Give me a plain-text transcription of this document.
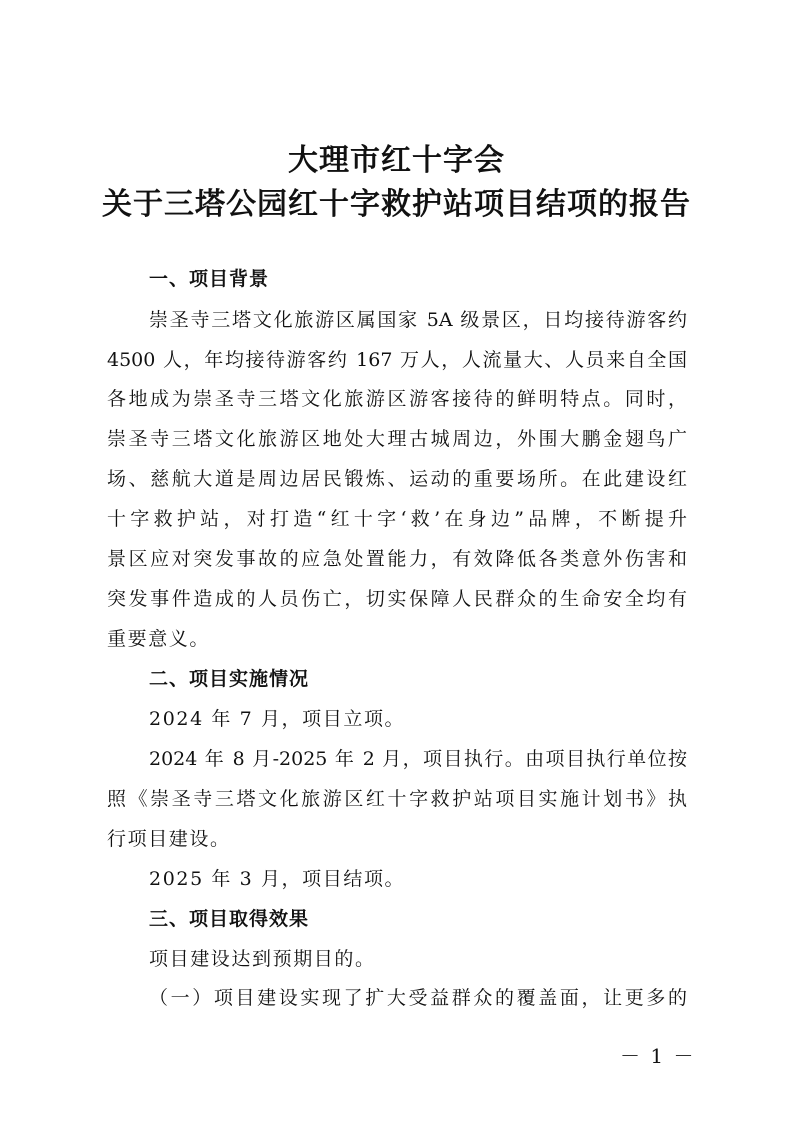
大理市红十字会
关于三塔公园红十字救护站项目结项的报告
一、项目背景
崇圣寺三塔文化旅游区属国家 5A 级景区，日均接待游客约
4500 人，年均接待游客约 167 万人，人流量大、人员来自全国
各地成为崇圣寺三塔文化旅游区游客接待的鲜明特点。同时，
崇圣寺三塔文化旅游区地处大理古城周边，外围大鹏金翅鸟广
场、慈航大道是周边居民锻炼、运动的重要场所。在此建设红
十字救护站，对打造“红十字‘救’在身边”品牌，不断提升
景区应对突发事故的应急处置能力，有效降低各类意外伤害和
突发事件造成的人员伤亡，切实保障人民群众的生命安全均有
重要意义。
二、项目实施情况
2024 年 7 月，项目立项。
2024 年 8 月-2025 年 2 月，项目执行。由项目执行单位按
照《崇圣寺三塔文化旅游区红十字救护站项目实施计划书》执
行项目建设。
2025 年 3 月，项目结项。
三、项目取得效果
项目建设达到预期目的。
（一）项目建设实现了扩大受益群众的覆盖面，让更多的
－ 1 －
